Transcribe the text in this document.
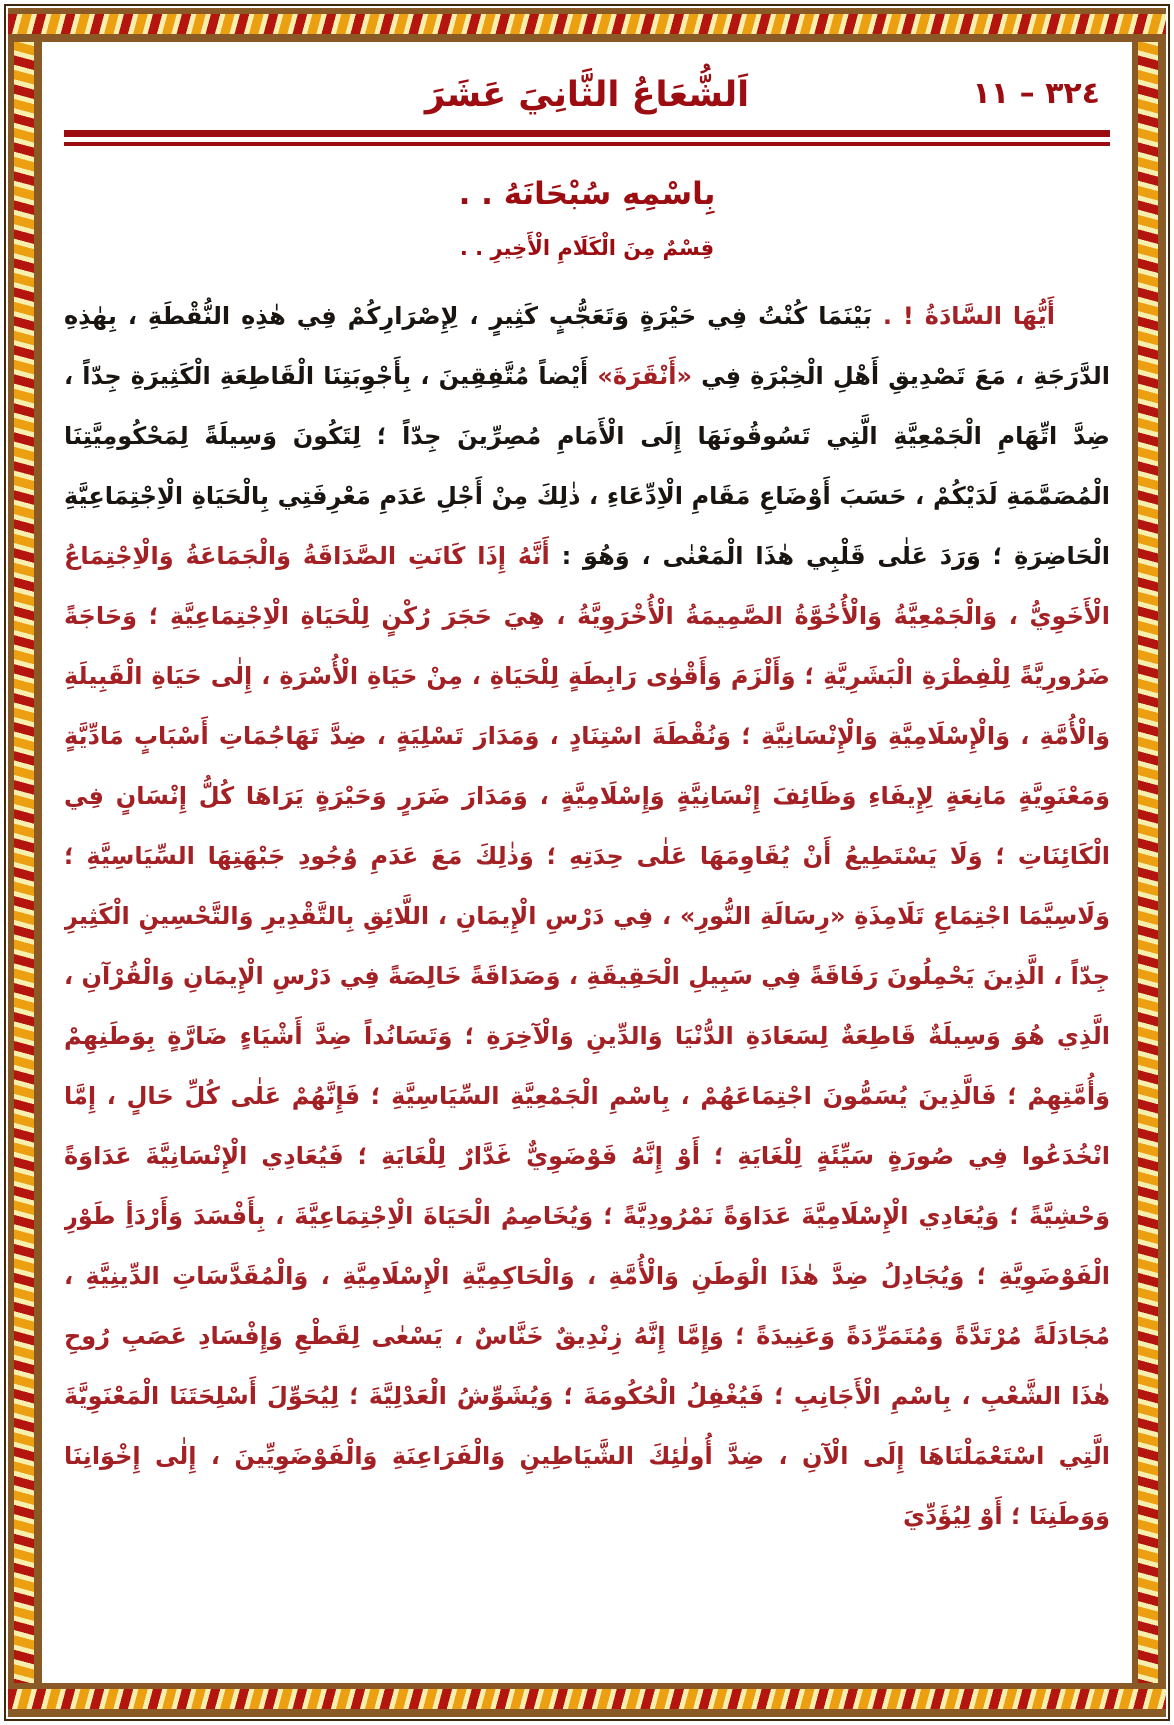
٣٢٤ – ١١
اَلشُّعَاعُ الثَّانِيَ عَشَرَ
بِاسْمِهِ سُبْحَانَهُ . .
قِسْمٌ مِنَ الْكَلَامِ الْأَخِيرِ . .
أَيُّهَا السَّادَةُ ! . بَيْنَمَا كُنْتُ فِي حَيْرَةٍ وَتَعَجُّبٍ كَثِيرٍ ، لِإِصْرَارِكُمْ فِي هٰذِهِ النُّقْطَةِ ، بِهٰذِهِ الدَّرَجَةِ ، مَعَ تَصْدِيقِ أَهْلِ الْخِبْرَةِ فِي «أَنْقَرَةَ» أَيْضاً مُتَّفِقِينَ ، بِأَجْوِبَتِنَا الْقَاطِعَةِ الْكَثِيرَةِ جِدّاً ، ضِدَّ اتِّهَامِ الْجَمْعِيَّةِ الَّتِي تَسُوقُونَهَا إِلَى الْأَمَامِ مُصِرِّينَ جِدّاً ؛ لِتَكُونَ وَسِيلَةً لِمَحْكُومِيَّتِنَا الْمُصَمَّمَةِ لَدَيْكُمْ ، حَسَبَ أَوْضَاعِ مَقَامِ الْاِدِّعَاءِ ، ذٰلِكَ مِنْ أَجْلِ عَدَمِ مَعْرِفَتِي بِالْحَيَاةِ الْاِجْتِمَاعِيَّةِ الْحَاضِرَةِ ؛ وَرَدَ عَلٰى قَلْبِي هٰذَا الْمَعْنٰى ، وَهُوَ : أَنَّهُ إِذَا كَانَتِ الصَّدَاقَةُ وَالْجَمَاعَةُ وَالْاِجْتِمَاعُ الْأَخَوِيُّ ، وَالْجَمْعِيَّةُ وَالْأُخُوَّةُ الصَّمِيمَةُ الْأُخْرَوِيَّةُ ، هِيَ حَجَرَ رُكْنٍ لِلْحَيَاةِ الْاِجْتِمَاعِيَّةِ ؛ وَحَاجَةً ضَرُورِيَّةً لِلْفِطْرَةِ الْبَشَرِيَّةِ ؛ وَأَلْزَمَ وَأَقْوٰى رَابِطَةٍ لِلْحَيَاةِ ، مِنْ حَيَاةِ الْأُسْرَةِ ، إِلٰى حَيَاةِ الْقَبِيلَةِ وَالْأُمَّةِ ، وَالْإِسْلَامِيَّةِ وَالْإِنْسَانِيَّةِ ؛ وَنُقْطَةَ اسْتِنَادٍ ، وَمَدَارَ تَسْلِيَةٍ ، ضِدَّ تَهَاجُمَاتِ أَسْبَابٍ مَادِّيَّةٍ وَمَعْنَوِيَّةٍ مَانِعَةٍ لِإِيفَاءِ وَظَائِفَ إِنْسَانِيَّةٍ وَإِسْلَامِيَّةٍ ، وَمَدَارَ ضَرَرٍ وَحَيْرَةٍ يَرَاهَا كُلُّ إِنْسَانٍ فِي الْكَائِنَاتِ ؛ وَلَا يَسْتَطِيعُ أَنْ يُقَاوِمَهَا عَلٰى حِدَتِهِ ؛ وَذٰلِكَ مَعَ عَدَمِ وُجُودِ جَبْهَتِهَا السِّيَاسِيَّةِ ؛ وَلَاسِيَّمَا اجْتِمَاعِ تَلَامِذَةِ «رِسَالَةِ النُّورِ» ، فِي دَرْسِ الْإِيمَانِ ، اللَّائِقِ بِالتَّقْدِيرِ وَالتَّحْسِينِ الْكَثِيرِ جِدّاً ، الَّذِينَ يَحْمِلُونَ رَفَاقَةً فِي سَبِيلِ الْحَقِيقَةِ ، وَصَدَاقَةً خَالِصَةً فِي دَرْسِ الْإِيمَانِ وَالْقُرْآنِ ، الَّذِي هُوَ وَسِيلَةٌ قَاطِعَةٌ لِسَعَادَةِ الدُّنْيَا وَالدِّينِ وَالْآخِرَةِ ؛ وَتَسَانُداً ضِدَّ أَشْيَاءٍ ضَارَّةٍ بِوَطَنِهِمْ وَأُمَّتِهِمْ ؛ فَالَّذِينَ يُسَمُّونَ اجْتِمَاعَهُمْ ، بِاسْمِ الْجَمْعِيَّةِ السِّيَاسِيَّةِ ؛ فَإِنَّهُمْ عَلٰى كُلِّ حَالٍ ، إِمَّا انْخُدَعُوا فِي صُورَةٍ سَيِّئَةٍ لِلْغَايَةِ ؛ أَوْ إِنَّهُ فَوْضَوِيٌّ غَدَّارٌ لِلْغَايَةِ ؛ فَيُعَادِي الْإِنْسَانِيَّةَ عَدَاوَةً وَحْشِيَّةً ؛ وَيُعَادِي الْإِسْلَامِيَّةَ عَدَاوَةً نَمْرُودِيَّةً ؛ وَيُخَاصِمُ الْحَيَاةَ الْاِجْتِمَاعِيَّةَ ، بِأَفْسَدَ وَأَرْدَأِ طَوْرِ الْفَوْضَوِيَّةِ ؛ وَيُجَادِلُ ضِدَّ هٰذَا الْوَطَنِ وَالْأُمَّةِ ، وَالْحَاكِمِيَّةِ الْإِسْلَامِيَّةِ ، وَالْمُقَدَّسَاتِ الدِّينِيَّةِ ، مُجَادَلَةً مُرْتَدَّةً وَمُتَمَرِّدَةً وَعَنِيدَةً ؛ وَإِمَّا إِنَّهُ زِنْدِيقٌ خَنَّاسٌ ، يَسْعٰى لِقَطْعِ وَإِفْسَادِ عَصَبِ رُوحِ هٰذَا الشَّعْبِ ، بِاسْمِ الْأَجَانِبِ ؛ فَيُغْفِلُ الْحُكُومَةَ ؛ وَيُشَوِّشُ الْعَدْلِيَّةَ ؛ لِيُحَوِّلَ أَسْلِحَتَنَا الْمَعْنَوِيَّةَ الَّتِي اسْتَعْمَلْنَاهَا إِلَى الْآنِ ، ضِدَّ أُولٰئِكَ الشَّيَاطِينِ وَالْفَرَاعِنَةِ وَالْفَوْضَوِيِّينَ ، إِلٰى إِخْوَانِنَا وَوَطَنِنَا ؛ أَوْ لِيُؤَدِّيَ
